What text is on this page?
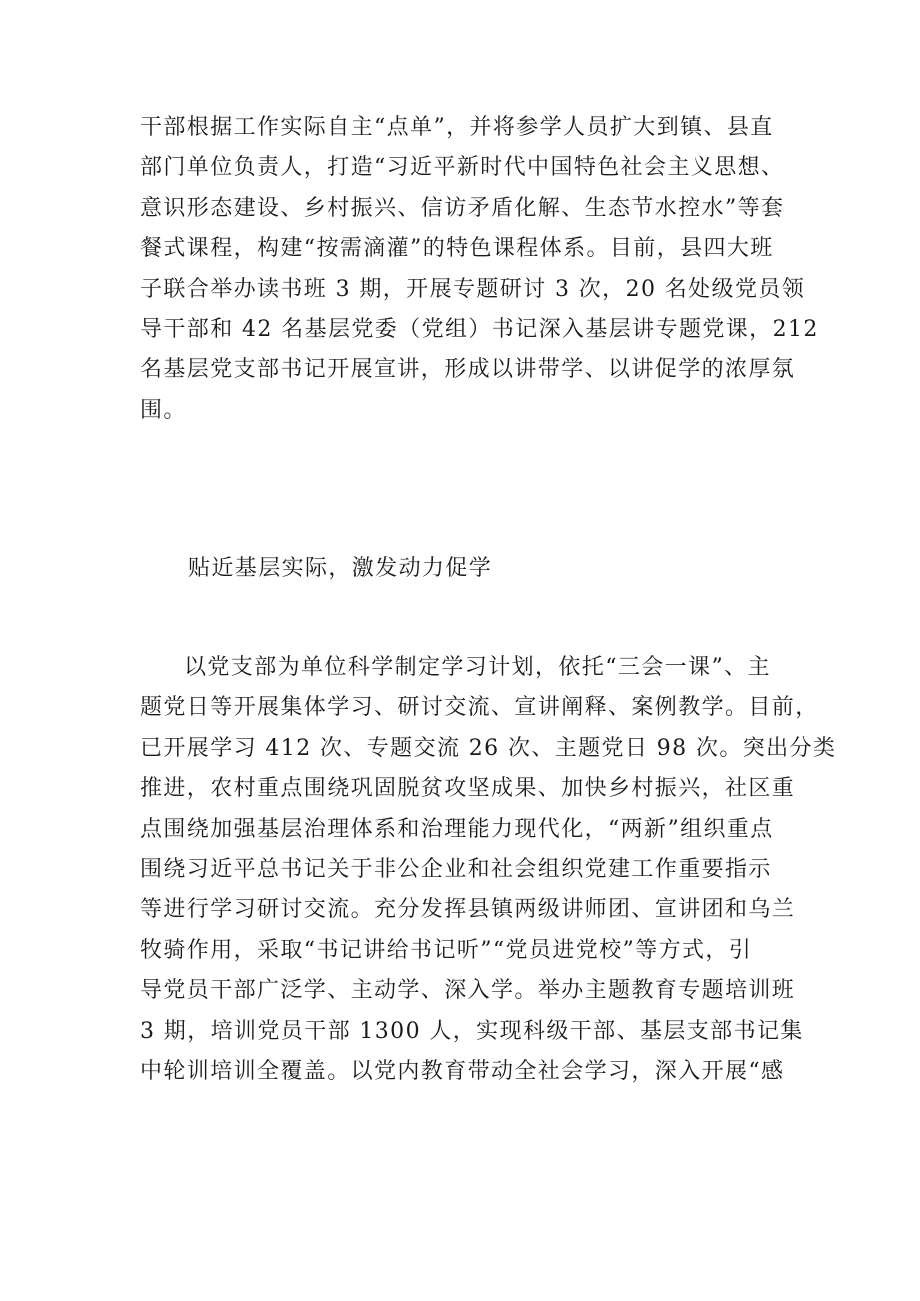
干部根据工作实际自主“点单”，并将参学人员扩大到镇、县直
部门单位负责人，打造“习近平新时代中国特色社会主义思想、
意识形态建设、乡村振兴、信访矛盾化解、生态节水控水”等套
餐式课程，构建“按需滴灌”的特色课程体系。目前，县四大班
子联合举办读书班 3 期，开展专题研讨 3 次，20 名处级党员领
导干部和 42 名基层党委（党组）书记深入基层讲专题党课，212
名基层党支部书记开展宣讲，形成以讲带学、以讲促学的浓厚氛
围。
贴近基层实际，激发动力促学
以党支部为单位科学制定学习计划，依托“三会一课”、主
题党日等开展集体学习、研讨交流、宣讲阐释、案例教学。目前，
已开展学习 412 次、专题交流 26 次、主题党日 98 次。突出分类
推进，农村重点围绕巩固脱贫攻坚成果、加快乡村振兴，社区重
点围绕加强基层治理体系和治理能力现代化，“两新”组织重点
围绕习近平总书记关于非公企业和社会组织党建工作重要指示
等进行学习研讨交流。充分发挥县镇两级讲师团、宣讲团和乌兰
牧骑作用，采取“书记讲给书记听”“党员进党校”等方式，引
导党员干部广泛学、主动学、深入学。举办主题教育专题培训班
3 期，培训党员干部 1300 人，实现科级干部、基层支部书记集
中轮训培训全覆盖。以党内教育带动全社会学习，深入开展“感
